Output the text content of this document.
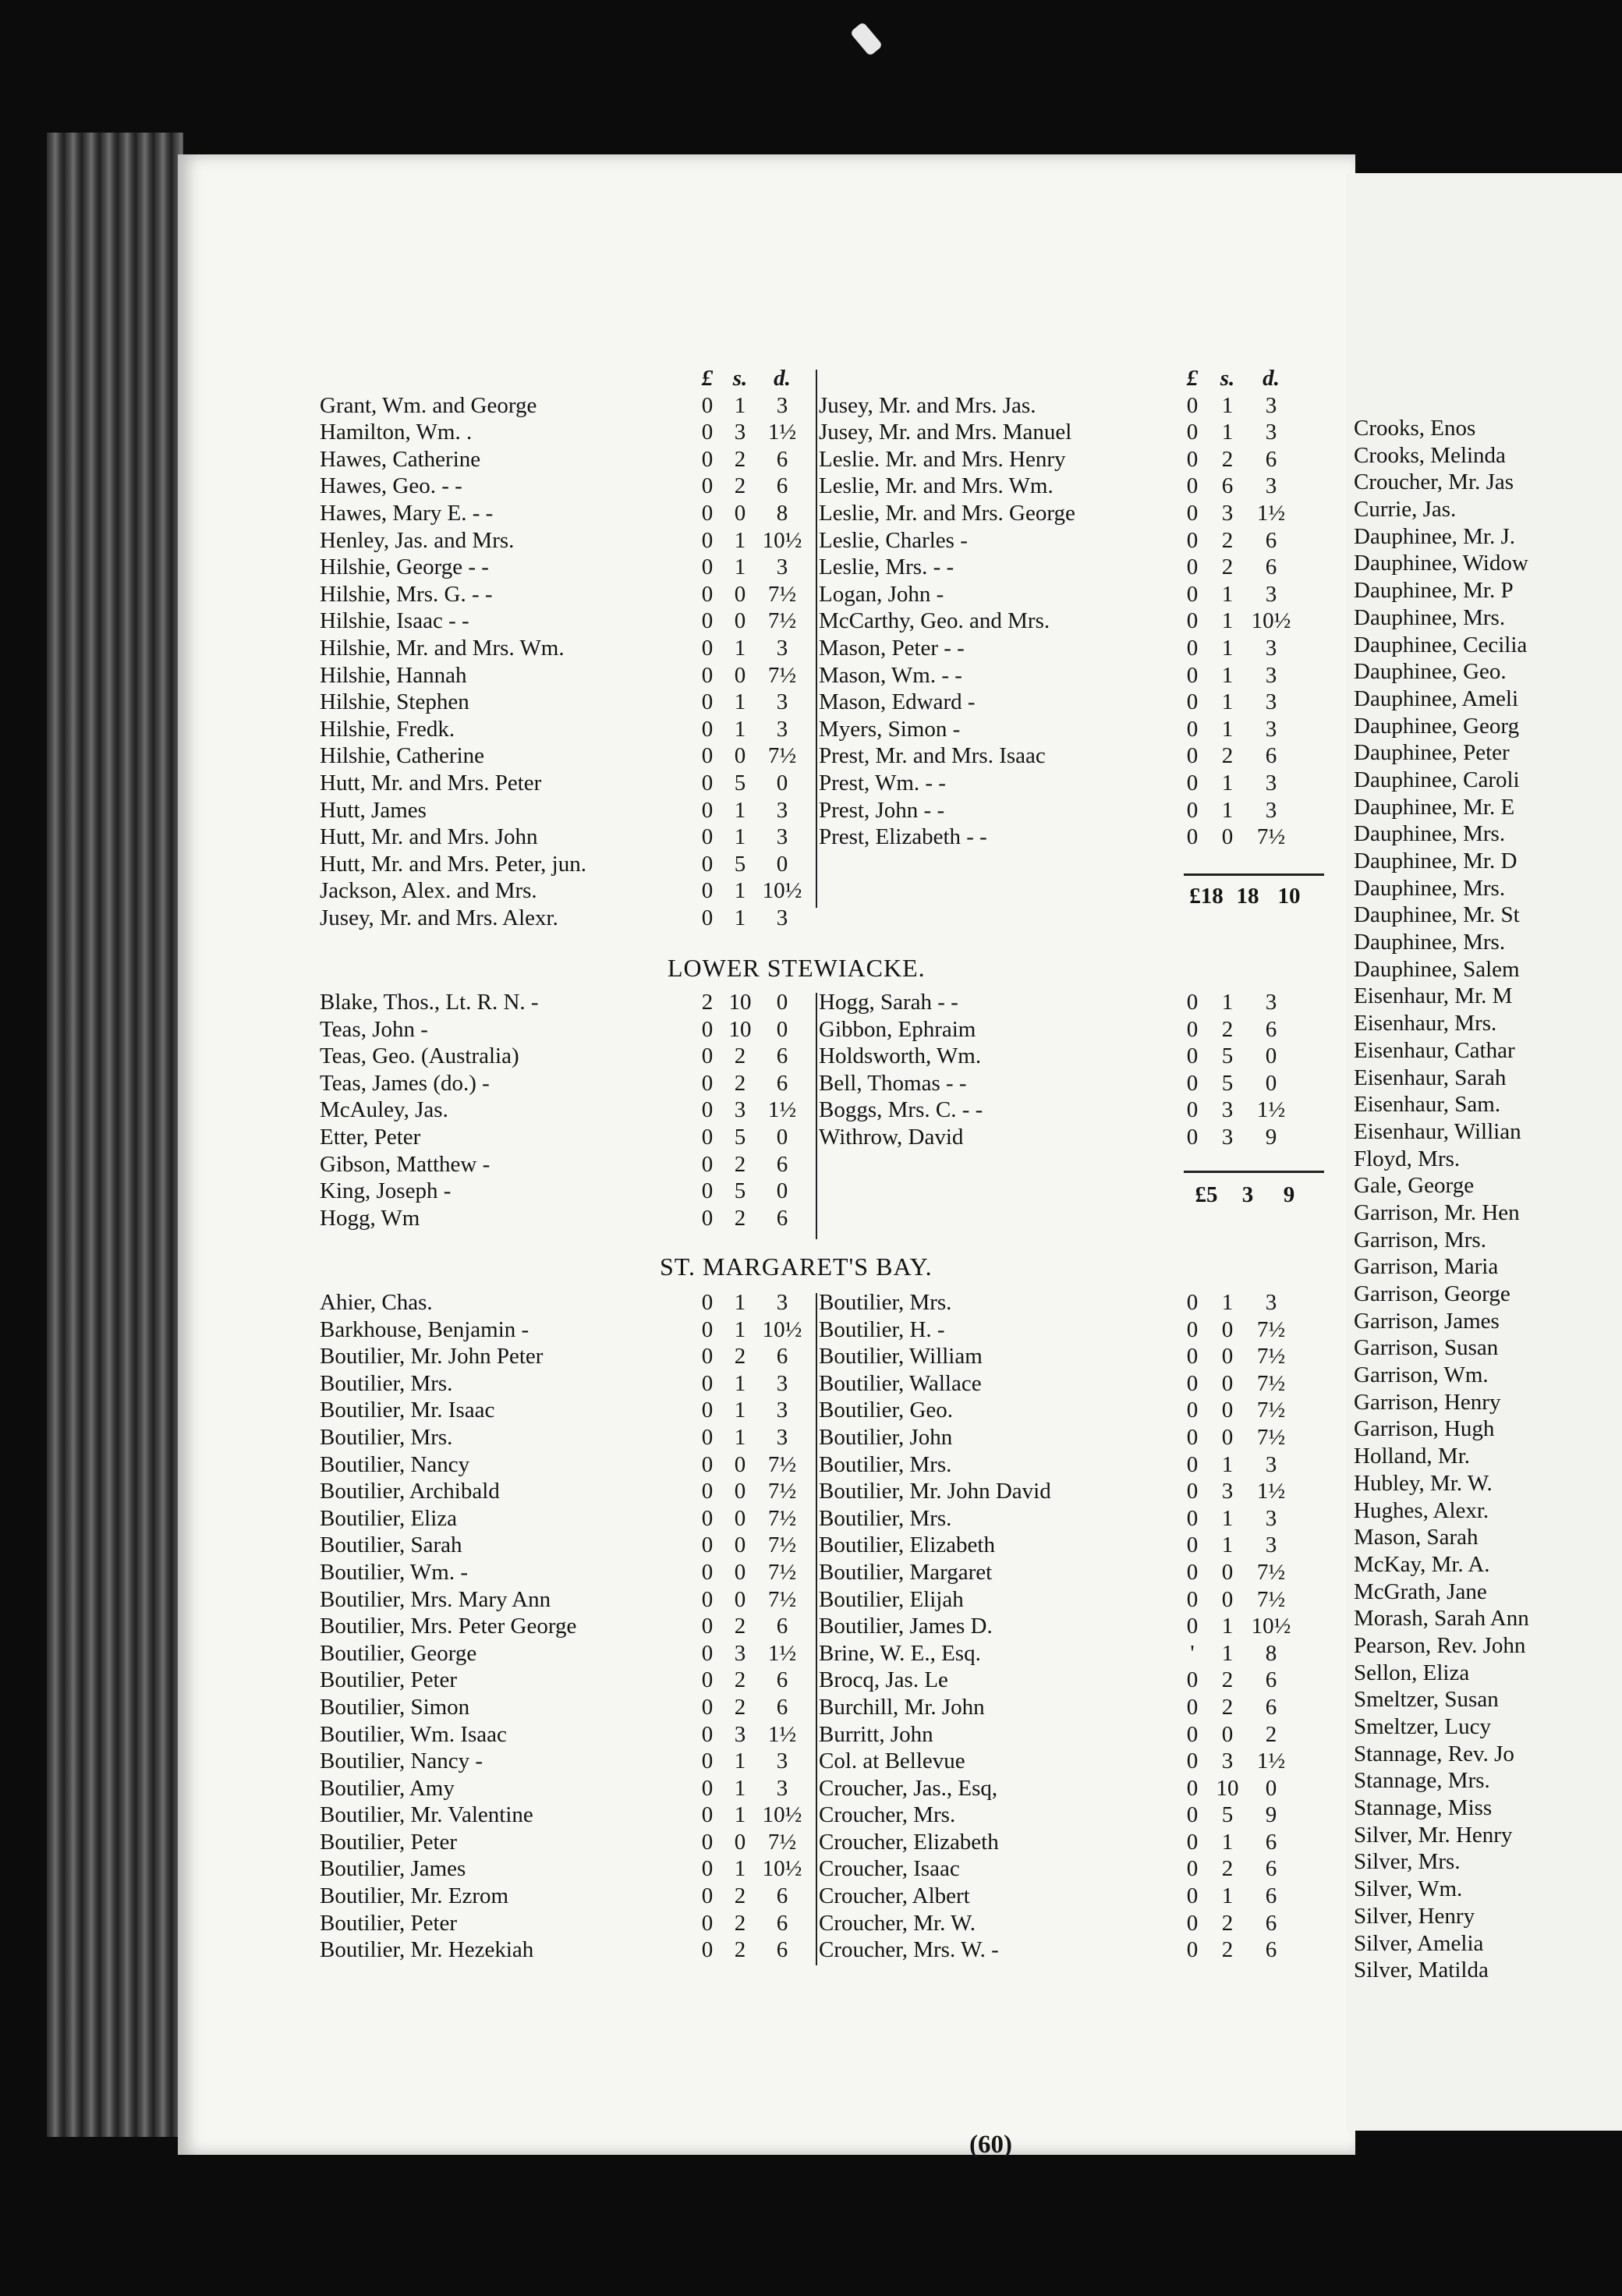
£ s.	d.
Grant, Wm. and George	0 1	3
Hamilton, Wm. .	0 3 1½
Hawes, Catherine	0 2	6
Hawes, Geo. - -	0 2	6
Hawes, Mary E. - -	0 0	8
Henley, Jas. and Mrs.	0 1 10½
Hilshie, George - -	0 1	3
Hilshie, Mrs. G. - -	0 0 7½
Hilshie, Isaac - -	0 0 7½
Hilshie, Mr. and Mrs. Wm.	0 1	3
Hilshie, Hannah	0 0 7½
Hilshie, Stephen	0 1	3
Hilshie, Fredk.	0 1	3
Hilshie, Catherine	0 0 7½
Hutt, Mr. and Mrs. Peter	0 5	0
Hutt, James	0 1	3
Hutt, Mr. and Mrs. John	0 1	3
Hutt, Mr. and Mrs. Peter, jun.	0 5	0
Jackson, Alex. and Mrs.	0 1 10½
Jusey, Mr. and Mrs. Alexr.	0 1	3
£ s.	d.
Jusey, Mr. and Mrs. Jas.	0	1	3
Jusey, Mr. and Mrs. Manuel	0	1	3
Leslie. Mr. and Mrs. Henry	0	2	6
Leslie, Mr. and Mrs. Wm.	0	6	3
Leslie, Mr. and Mrs. George	0	3	1½
Leslie, Charles -	0	2	6
Leslie, Mrs. - -	0	2	6
Logan, John -	0	1	3
McCarthy, Geo. and Mrs.	0	1 10½
Mason, Peter - -	0	1	3
Mason, Wm. - -	0	1	3
Mason, Edward -	0	1	3
Myers, Simon -	0	1	3
Prest, Mr. and Mrs. Isaac	0	2	6
Prest, Wm. - -	0	1	3
Prest, John - -	0	1	3
Prest, Elizabeth - -	0	0	7½
£18 18 10
LOWER STEWIACKE.
Blake, Thos., Lt. R. N. -	2 10	0
Teas, John -	0 10	0
Teas, Geo. (Australia)	0 2	6
Teas, James (do.) -	0 2	6
McAuley, Jas.	0 3 1½
Etter, Peter	0 5	0
Gibson, Matthew -	0 2	6
King, Joseph -	0 5	0
Hogg, Wm	0 2	6
Hogg, Sarah - -	0	1	3
Gibbon, Ephraim	0	2	6
Holdsworth, Wm.	0	5	0
Bell, Thomas - -	0	5	0
Boggs, Mrs. C. - -	0	3	1½
Withrow, David	0	3	9
£5	3	9
ST. MARGARET'S BAY.
Ahier, Chas.	0 1	3
Barkhouse, Benjamin -	0 1 10½
Boutilier, Mr. John Peter	0 2	6
Boutilier, Mrs.	0 1	3
Boutilier, Mr. Isaac	0 1	3
Boutilier, Mrs.	0 1	3
Boutilier, Nancy	0 0 7½
Boutilier, Archibald	0 0 7½
Boutilier, Eliza	0 0 7½
Boutilier, Sarah	0 0 7½
Boutilier, Wm. -	0 0 7½
Boutilier, Mrs. Mary Ann	0 0 7½
Boutilier, Mrs. Peter George	0 2	6
Boutilier, George	0 3 1½
Boutilier, Peter	0 2	6
Boutilier, Simon	0 2	6
Boutilier, Wm. Isaac	0 3 1½
Boutilier, Nancy -	0 1	3
Boutilier, Amy	0 1	3
Boutilier, Mr. Valentine	0 1 10½
Boutilier, Peter	0 0 7½
Boutilier, James	0 1 10½
Boutilier, Mr. Ezrom	0 2	6
Boutilier, Peter	0 2	6
Boutilier, Mr. Hezekiah	0 2	6
Boutilier, Mrs.	0	1	3
Boutilier, H. -	0	0	7½
Boutilier, William	0	0	7½
Boutilier, Wallace	0	0	7½
Boutilier, Geo.	0	0	7½
Boutilier, John	0	0	7½
Boutilier, Mrs.	0	1	3
Boutilier, Mr. John David	0	3	1½
Boutilier, Mrs.	0	1	3
Boutilier, Elizabeth	0	1	3
Boutilier, Margaret	0	0	7½
Boutilier, Elijah	0	0	7½
Boutilier, James D.	0	1 10½
Brine, W. E., Esq.	'	1	8
Brocq, Jas. Le	0	2	6
Burchill, Mr. John	0	2	6
Burritt, John	0	0	2
Col. at Bellevue	0	3	1½
Croucher, Jas., Esq,	0 10	0
Croucher, Mrs.	0	5	9
Croucher, Elizabeth	0	1	6
Croucher, Isaac	0	2	6
Croucher, Albert	0	1	6
Croucher, Mr. W.	0	2	6
Croucher, Mrs. W. -	0	2	6
(60)
Crooks, Enos
Crooks, Melinda
Croucher, Mr. Jas
Currie, Jas.
Dauphinee, Mr. J.
Dauphinee, Widow
Dauphinee, Mr. P
Dauphinee, Mrs.
Dauphinee, Cecilia
Dauphinee, Geo.
Dauphinee, Ameli
Dauphinee, Georg
Dauphinee, Peter
Dauphinee, Caroli
Dauphinee, Mr. E
Dauphinee, Mrs.
Dauphinee, Mr. D
Dauphinee, Mrs.
Dauphinee, Mr. St
Dauphinee, Mrs.
Dauphinee, Salem
Eisenhaur, Mr. M
Eisenhaur, Mrs.
Eisenhaur, Cathar
Eisenhaur, Sarah
Eisenhaur, Sam.
Eisenhaur, Willian
Floyd, Mrs.
Gale, George
Garrison, Mr. Hen
Garrison, Mrs.
Garrison, Maria
Garrison, George
Garrison, James
Garrison, Susan
Garrison, Wm.
Garrison, Henry
Garrison, Hugh
Holland, Mr.
Hubley, Mr. W.
Hughes, Alexr.
Mason, Sarah
McKay, Mr. A.
McGrath, Jane
Morash, Sarah Ann
Pearson, Rev. John
Sellon, Eliza
Smeltzer, Susan
Smeltzer, Lucy
Stannage, Rev. Jo
Stannage, Mrs.
Stannage, Miss
Silver, Mr. Henry
Silver, Mrs.
Silver, Wm.
Silver, Henry
Silver, Amelia
Silver, Matilda
